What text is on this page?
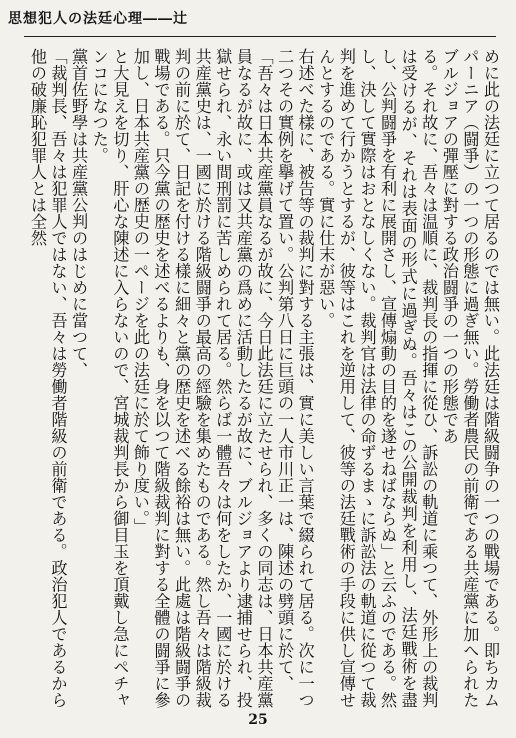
思想犯人の法廷心理――辻

めに此の法廷に立つて居るのでは無い。此法廷は階級闘争の一つの戰場である。即ちカムパーニア（闘爭）の一つの形態に過ぎ無い。勞働者農民の前衛である共産黨に加へられたブルジョアの彈壓に對する政治闘爭の一つの形態であ

る。それ故に、吾々は温順に、裁判長の指揮に從ひ、訴訟の軌道に乘つて、外形上の裁判は受けるが、それは表面の形式に過ぎぬ。吾々はこの公開裁判を利用し、法廷戰術を盡し、公判闘爭を有利に展開さし、宣傳煽動の目的を遂せねばならぬ」と云ふのである。然し、決して實際はおとなしくない。裁判官は法律の命ずるまゝに訴訟法の軌道に從つて裁判を進めて行かうとするが、彼等はこれを逆用して、彼等の法廷戰術の手段に供し宣傳せんとするのである。實に仕末が惡い。

右述べた樣に、被告等の裁判に對する主張は、實に美しい言葉で綴られて居る。次に一つ二つその實例を擧げて置い。公判第八日に巨頭の一人市川正一は、陳述の劈頭に於て、

「吾々は日本共産黨員なるが故に、今日此法廷に立たせられ、多くの同志は、日本共産黨員なるが故に、或は又共産黨の爲めに活動したるが故に、ブルジョアより逮捕せられ、投獄せられ、永い間刑罰に苦しめられて居る。然らば一體吾々は何をしたか、一國に於ける共産黨史は、一國に於ける階級闘爭の最高の經驗を集めたものである。然し吾々は階級裁判の前に於て、日記を付ける樣に細々と黨の歴史を述べる餘裕は無い。此處は階級闘爭の戰場である。只今黨の歴史を述べるよりも、身を以つて階級裁判に對する全體の闘爭に參加し、日本共産黨の歴史の一ページを此の法廷に於て飾り度い。」

と大見えを切り、肝心な陳述に入らないので、宮城裁判長から御目玉を頂戴し急にペチャンコになつた。

黨首佐野學は共産黨公判のはじめに當つて、

「裁判長、吾々は犯罪人ではない、吾々は勞働者階級の前衛である。政治犯人であるから他の破廉恥犯罪人とは全然

25
